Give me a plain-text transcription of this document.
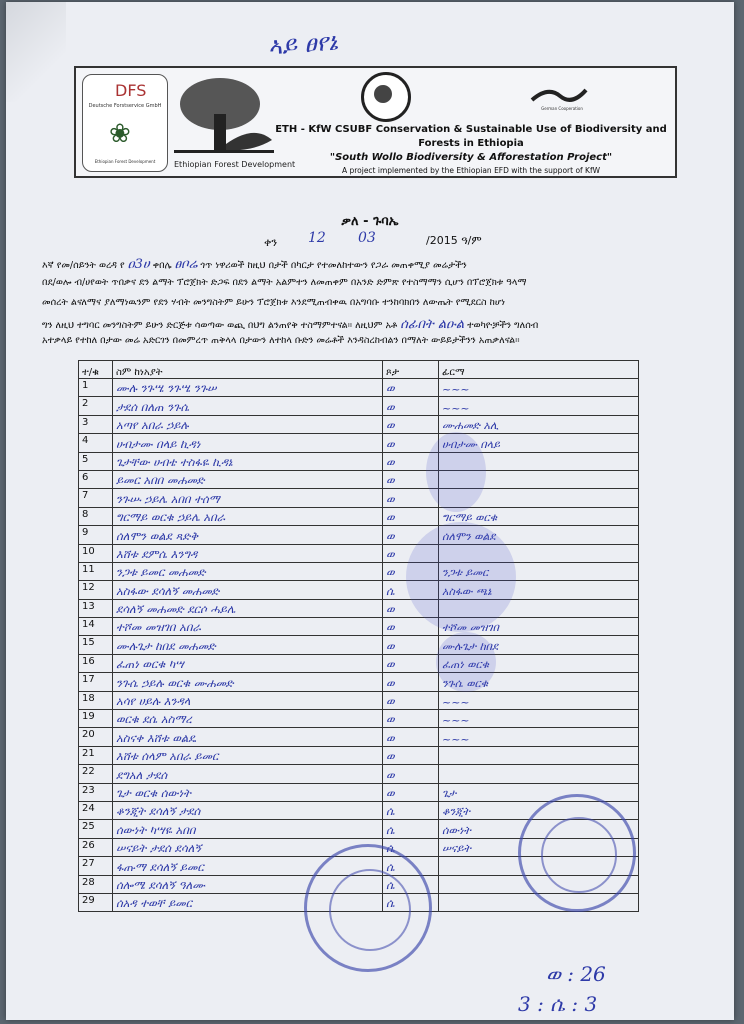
ኣይ ፀየኔ
DFS
Deutsche Forstservice GmbH
❀
Ethiopian Forest Development	Ethiopian Forest Development
German Cooperation
ETH - KfW CSUBF Conservation & Sustainable Use of Biodiversity and
Forests in Ethiopia
"South Wollo Biodiversity & Afforestation Project"
A project implemented by the Ethiopian EFD with the support of KfW
ቃለ - ጉባኤ
ቀን 12 03	/2015 ዓ/ም
እኛ የመ/ሰይንት ወረዳ የ ዐ3ሀ ቀበሌ ፀቦሬ ጎጥ ነዋሪወች ከዚህ በታች በካርታ የተመለከተውን የጋራ መጠቀሚያ መሬታችን
በደ/ወሎ ብ/ሀየወት ጥበቃና ደን ልማት ፕሮጀክት ድጋፍ በደን ልማት አልምተን ለመጠቀም በአንድ ድምጽ የተስማማን ሲሆን በፕሮጀክቱ ዓላማ
መሰረት ልናለማና ያለማነዉንም የደን ሃብት መንግስትም ይሁን ፕሮጀክቱ እንደሚጠብቀዉ በአግባቡ ተንከባክበን ለውጤት የሚደርስ ከሆነ
ግን ለዚህ ተግባር መንግስትም ይሁን ድርጅቱ ሳወጣው ወጪ በህግ ልንጠየቅ ተስማምተናል። ለዚህም አቶ ሰፊበት ልዑል ተወካዮቻችን ግለሰብ
አተቃላይ የተከለ በታው መሬ አድርገን በመምረጥ ጠቅላላ በታውን ለተከላ ቡድን መሬቶች እንዳስረከብልን በማለት ውይይታችንን አጠቃለናል።
ተ/ቁ	ስም ከነአያት	ጾታ	ፊርማ
1	ሙሉ ንጉሤ ንጉሤ ንጉሠ	ወ	~~~
2	ታደሰ በለጠ ንጉሴ	ወ	~~~
3	አጣየ አበራ ኃይሉ	ወ	ሙሐመድ አሊ
4	ሀብታሙ በላይ ኪዳነ	ወ	ሀብታሙ በላይ
5	ጌታቸው ሀብቴ ተስፋዬ ኪዳኔ	ወ	
6	ይመር አበበ መሐመድ	ወ	
7	ንጉሡ ኃይሌ አበበ ተሰማ	ወ	
8	ግርማይ ወርቁ ኃይሌ አበራ	ወ	ግርማይ ወርቁ
9	ሰለሞን ወልደ ጻድቅ	ወ	ሰለሞን ወልደ
10	እሸቱ ደምሴ እንግዳ	ወ	
11	ንጋቱ ይመር መሐመድ	ወ	ንጋቱ ይመር
12	አስፋው ደሳለኝ መሐመድ	ሴ	አስፋው ጫኔ
13	ደሳለኝ መሐመድ ደርሶ ሓይሌ	ወ	
14	ተሾመ መዝገበ አበራ	ወ	ተሾመ መዝገበ
15	ሙሉጌታ ከበደ መሐመድ	ወ	ሙሉጌታ ከበደ
16	ፈጠነ ወርቁ ካሣ	ወ	ፈጠነ ወርቁ
17	ንጉሴ ኃይሉ ወርቁ ሙሐመድ	ወ	ንጉሴ ወርቁ
18	አሳየ ሀይሉ እንዳላ	ወ	~~~
19	ወርቁ ደሴ አስማረ	ወ	~~~
20	አስናቀ እሸቱ ወልዴ	ወ	~~~
21	እሸቱ ሰላም አበራ ይመር	ወ	
22	ደግአለ ታደሰ	ወ	
23	ጌታ ወርቁ ሰውነት	ወ	ጌታ
24	ቆንጂት ደሳለኝ ታደሰ	ሴ	ቆንጂት
25	ሰውነት ካሣዬ አበበ	ሴ	ሰውነት
26	ሠናይት ታደሰ ደሳለኝ	ሴ	ሠናይት
27	ፋጡማ ደሳለኝ ይመር	ሴ	
28	ሰሎሜ ደሳለኝ ዓለሙ	ሴ	
29	ሰአዳ ተወቸ ይመር	ሴ	
ወ : 26
3 : ሴ : 3
